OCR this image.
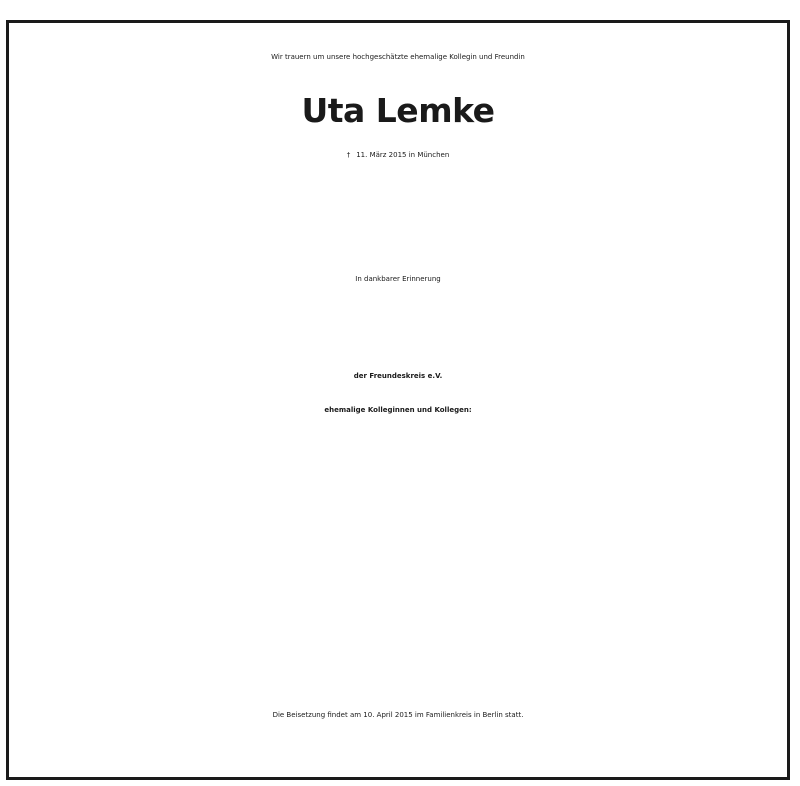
Wir trauern um unsere hochgeschätzte ehemalige Kollegin und Freundin
Uta Lemke
† 11. März 2015 in München
In dankbarer Erinnerung
der Freundeskreis e.V.
ehemalige Kolleginnen und Kollegen:
Die Beisetzung findet am 10. April 2015 im Familienkreis in Berlin statt.
